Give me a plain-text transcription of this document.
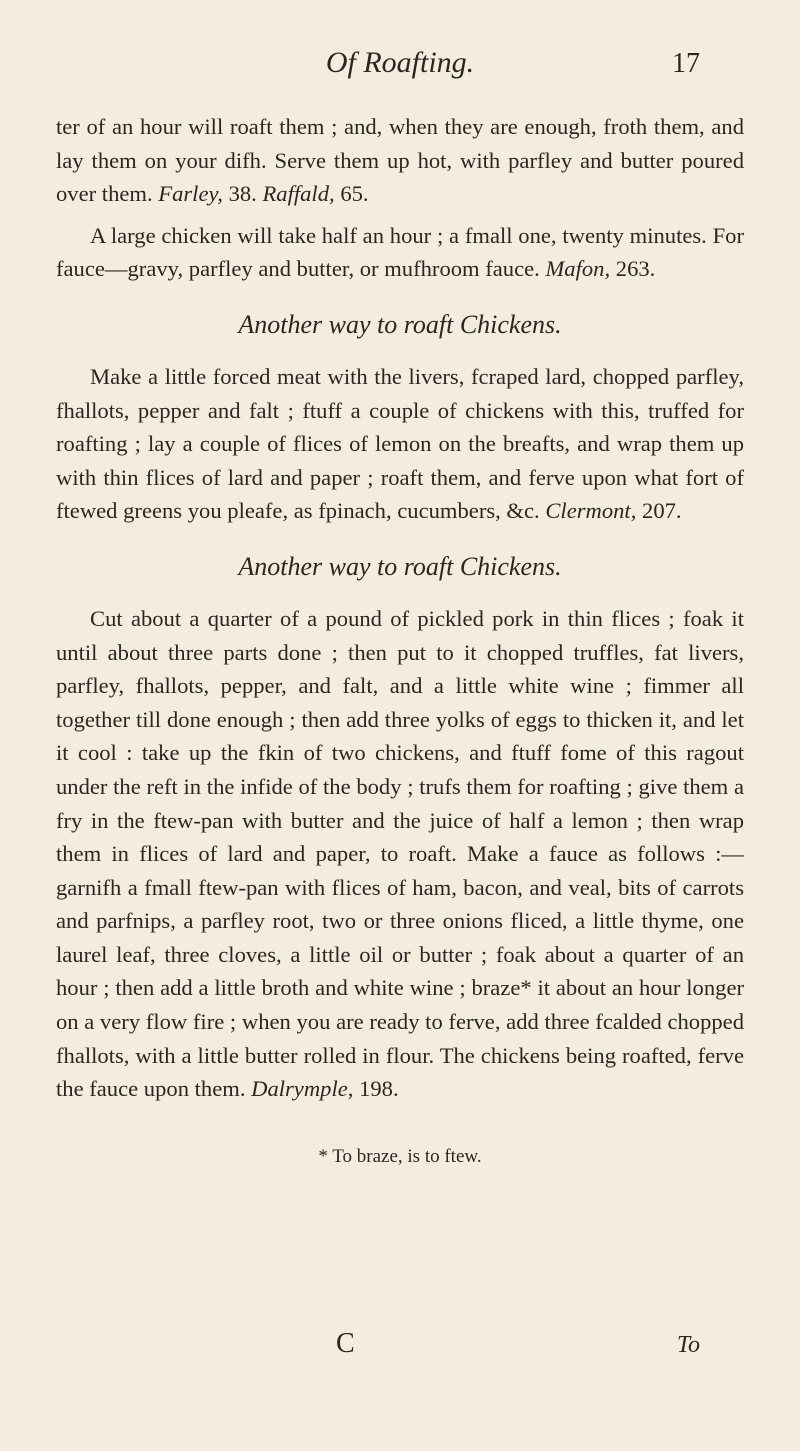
Of Roafting.	17

ter of an hour will roaft them ; and, when they are enough, froth them, and lay them on your difh. Serve them up hot, with parfley and butter poured over them. Farley, 38. Raffald, 65.

A large chicken will take half an hour ; a fmall one, twenty minutes. For fauce—gravy, parfley and butter, or mufhroom fauce. Mafon, 263.

Another way to roaft Chickens.

Make a little forced meat with the livers, fcraped lard, chopped parfley, fhallots, pepper and falt ; ftuff a couple of chickens with this, truffed for roafting ; lay a couple of flices of lemon on the breafts, and wrap them up with thin flices of lard and paper ; roaft them, and ferve upon what fort of ftewed greens you pleafe, as fpinach, cucumbers, &c. Clermont, 207.

Another way to roaft Chickens.

Cut about a quarter of a pound of pickled pork in thin flices ; foak it until about three parts done ; then put to it chopped truffles, fat livers, parfley, fhallots, pepper, and falt, and a little white wine ; fimmer all together till done enough ; then add three yolks of eggs to thicken it, and let it cool : take up the fkin of two chickens, and ftuff fome of this ragout under the reft in the infide of the body ; trufs them for roafting ; give them a fry in the ftew-pan with butter and the juice of half a lemon ; then wrap them in flices of lard and paper, to roaft. Make a fauce as follows :—garnifh a fmall ftew-pan with flices of ham, bacon, and veal, bits of carrots and parfnips, a parfley root, two or three onions fliced, a little thyme, one laurel leaf, three cloves, a little oil or butter ; foak about a quarter of an hour ; then add a little broth and white wine ; braze* it about an hour longer on a very flow fire ; when you are ready to ferve, add three fcalded chopped fhallots, with a little butter rolled in flour. The chickens being roafted, ferve the fauce upon them. Dalrymple, 198.

* To braze, is to ftew.
C	To
